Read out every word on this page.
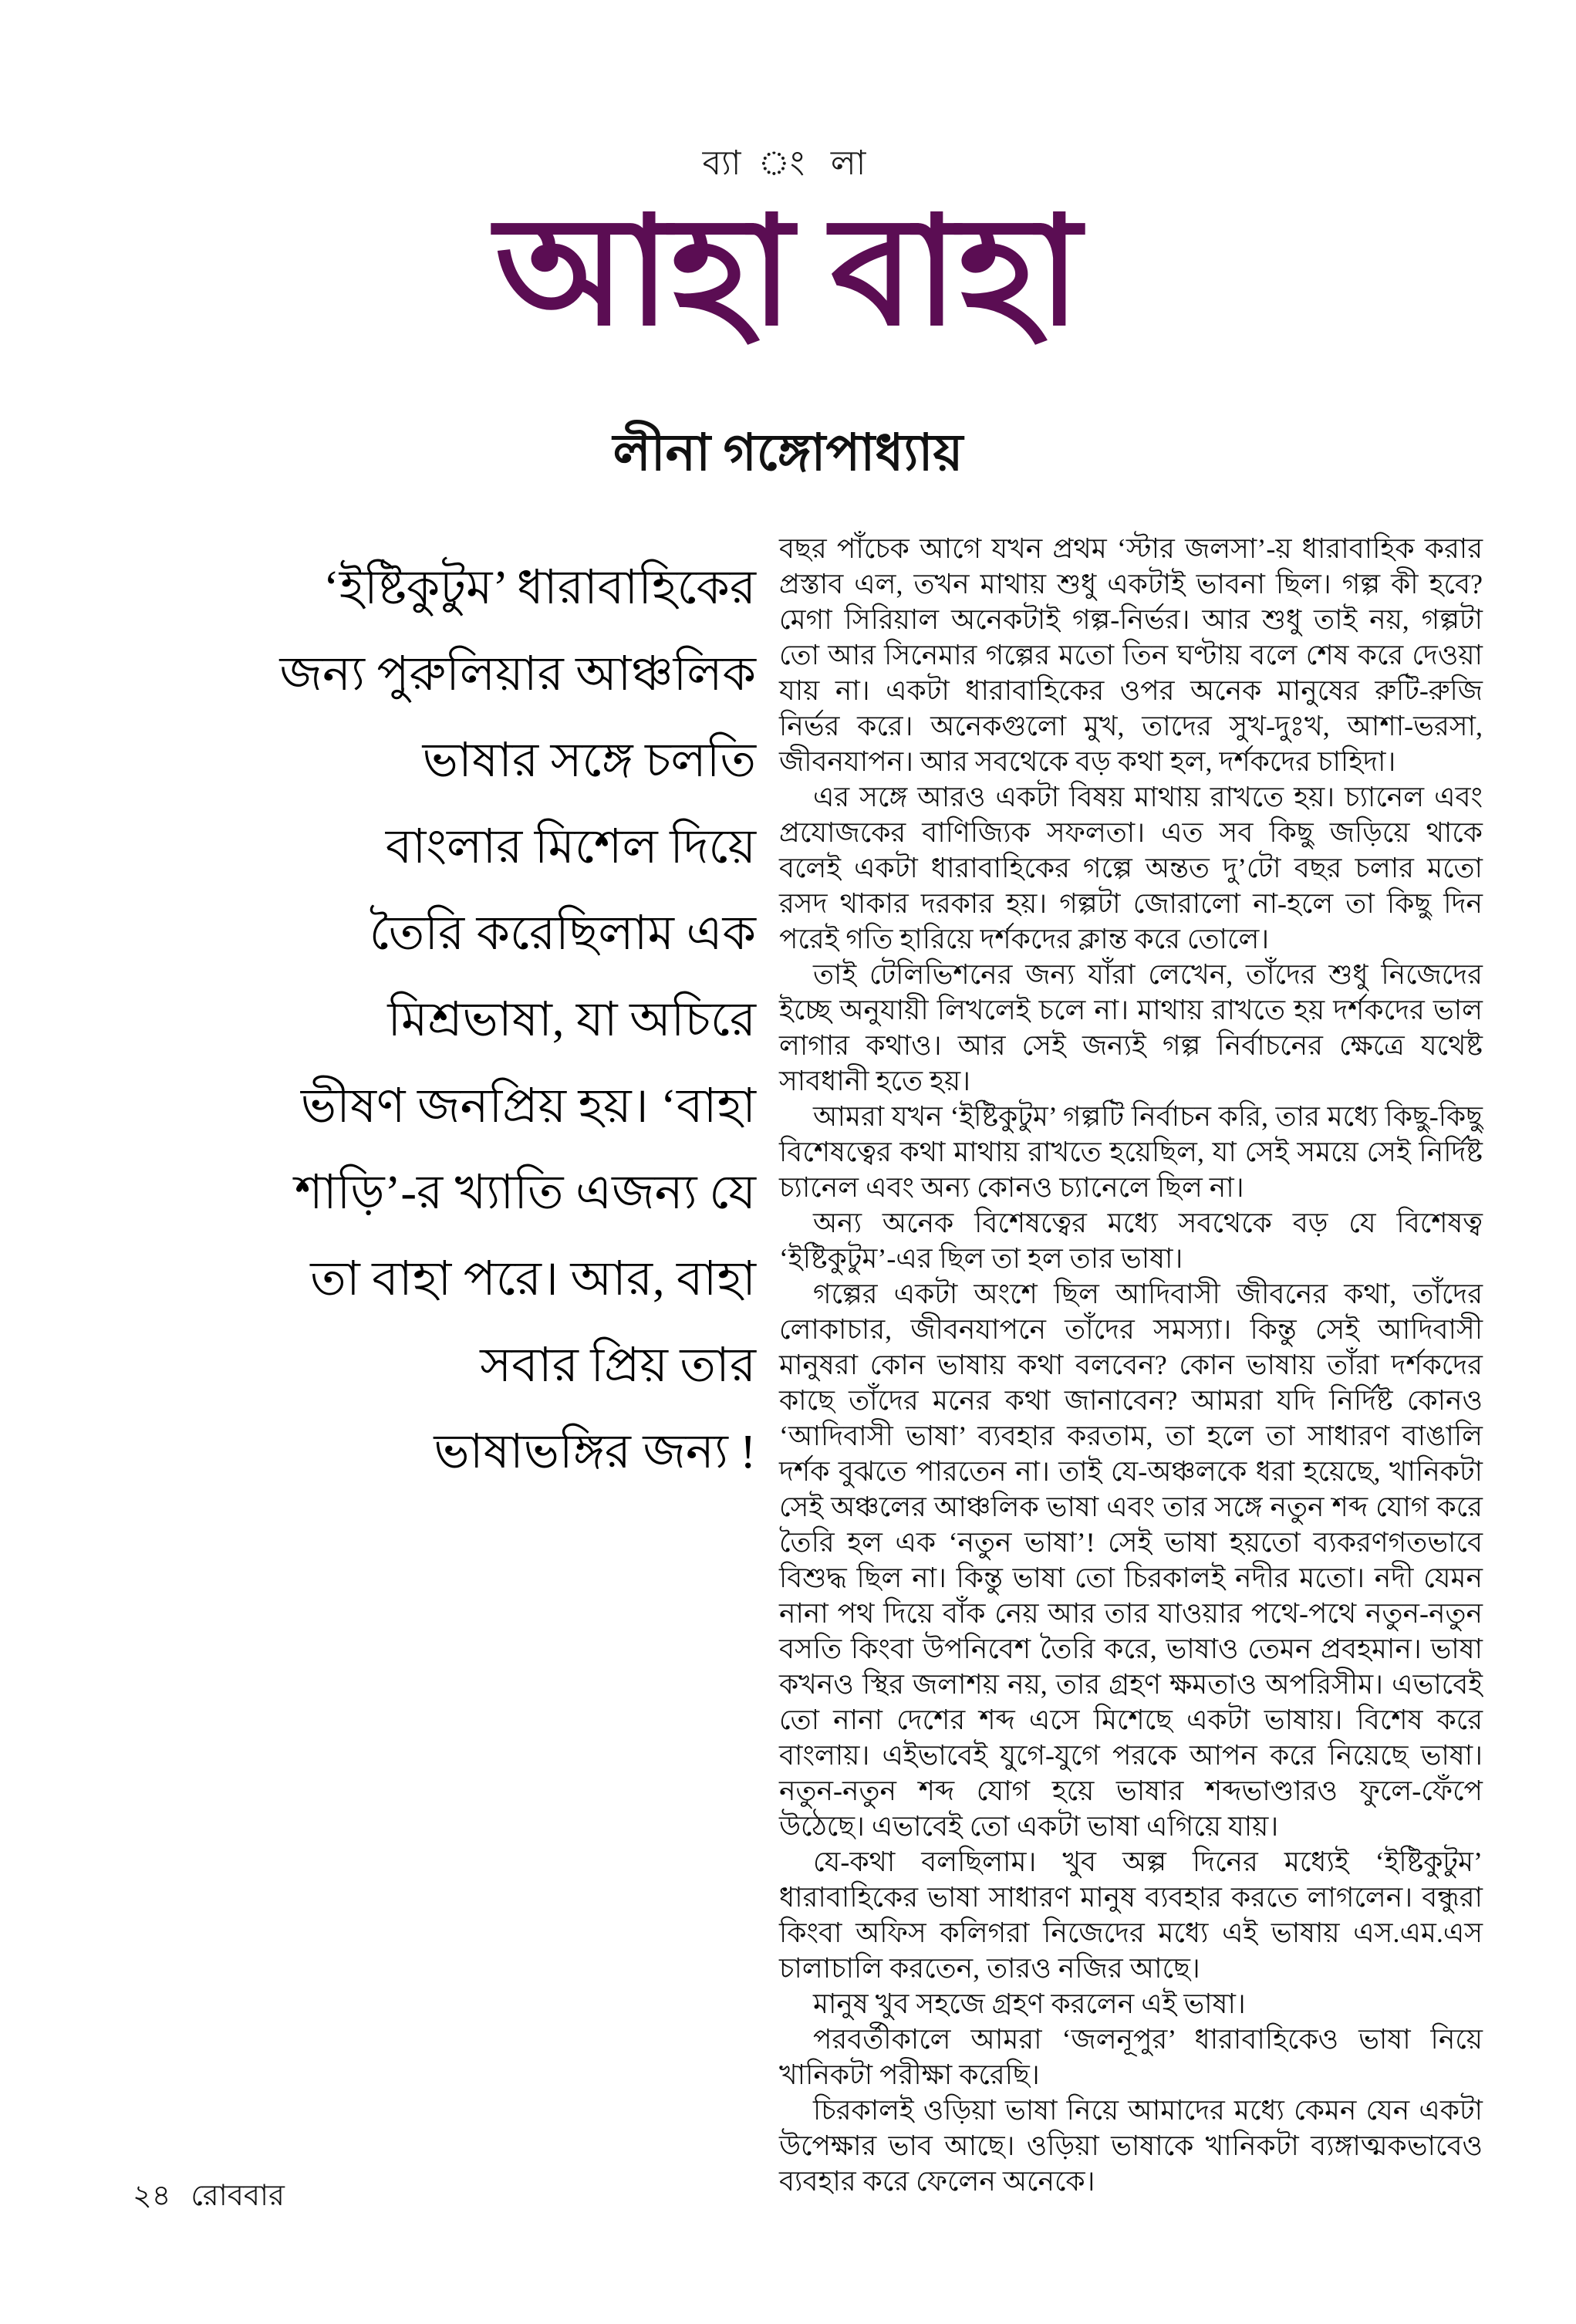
ব্যা ং লা
আহা বাহা
লীনা গঙ্গোপাধ্যায়
‘ইষ্টিকুটুম’ ধারাবাহিকের
জন্য পুরুলিয়ার আঞ্চলিক
ভাষার সঙ্গে চলতি
বাংলার মিশেল দিয়ে
তৈরি করেছিলাম এক
মিশ্রভাষা, যা অচিরে
ভীষণ জনপ্রিয় হয়। ‘বাহা
শাড়ি’-র খ্যাতি এজন্য যে
তা বাহা পরে। আর, বাহা
সবার প্রিয় তার
ভাষাভঙ্গির জন্য !

বছর পাঁচেক আগে যখন প্রথম ‘স্টার জলসা’-য় ধারাবাহিক করার প্রস্তাব এল, তখন মাথায় শুধু একটাই ভাবনা ছিল। গল্প কী হবে? মেগা সিরিয়াল অনেকটাই গল্প-নির্ভর। আর শুধু তাই নয়, গল্পটা তো আর সিনেমার গল্পের মতো তিন ঘণ্টায় বলে শেষ করে দেওয়া যায় না। একটা ধারাবাহিকের ওপর অনেক মানুষের রুটি-রুজি নির্ভর করে। অনেকগুলো মুখ, তাদের সুখ-দুঃখ, আশা-ভরসা, জীবনযাপন। আর সবথেকে বড় কথা হল, দর্শকদের চাহিদা।

এর সঙ্গে আরও একটা বিষয় মাথায় রাখতে হয়। চ্যানেল এবং প্রযোজকের বাণিজ্যিক সফলতা। এত সব কিছু জড়িয়ে থাকে বলেই একটা ধারাবাহিকের গল্পে অন্তত দু’টো বছর চলার মতো রসদ থাকার দরকার হয়। গল্পটা জোরালো না-হলে তা কিছু দিন পরেই গতি হারিয়ে দর্শকদের ক্লান্ত করে তোলে।

তাই টেলিভিশনের জন্য যাঁরা লেখেন, তাঁদের শুধু নিজেদের ইচ্ছে অনুযায়ী লিখলেই চলে না। মাথায় রাখতে হয় দর্শকদের ভাল লাগার কথাও। আর সেই জন্যই গল্প নির্বাচনের ক্ষেত্রে যথেষ্ট সাবধানী হতে হয়।

আমরা যখন ‘ইষ্টিকুটুম’ গল্পটি নির্বাচন করি, তার মধ্যে কিছু-কিছু বিশেষত্বের কথা মাথায় রাখতে হয়েছিল, যা সেই সময়ে সেই নির্দিষ্ট চ্যানেল এবং অন্য কোনও চ্যানেলে ছিল না।

অন্য অনেক বিশেষত্বের মধ্যে সবথেকে বড় যে বিশেষত্ব ‘ইষ্টিকুটুম’-এর ছিল তা হল তার ভাষা।

গল্পের একটা অংশে ছিল আদিবাসী জীবনের কথা, তাঁদের লোকাচার, জীবনযাপনে তাঁদের সমস্যা। কিন্তু সেই আদিবাসী মানুষরা কোন ভাষায় কথা বলবেন? কোন ভাষায় তাঁরা দর্শকদের কাছে তাঁদের মনের কথা জানাবেন? আমরা যদি নির্দিষ্ট কোনও ‘আদিবাসী ভাষা’ ব্যবহার করতাম, তা হলে তা সাধারণ বাঙালি দর্শক বুঝতে পারতেন না। তাই যে-অঞ্চলকে ধরা হয়েছে, খানিকটা সেই অঞ্চলের আঞ্চলিক ভাষা এবং তার সঙ্গে নতুন শব্দ যোগ করে তৈরি হল এক ‘নতুন ভাষা’! সেই ভাষা হয়তো ব্যকরণগতভাবে বিশুদ্ধ ছিল না। কিন্তু ভাষা তো চিরকালই নদীর মতো। নদী যেমন নানা পথ দিয়ে বাঁক নেয় আর তার যাওয়ার পথে-পথে নতুন-নতুন বসতি কিংবা উপনিবেশ তৈরি করে, ভাষাও তেমন প্রবহমান। ভাষা কখনও স্থির জলাশয় নয়, তার গ্রহণ ক্ষমতাও অপরিসীম। এভাবেই তো নানা দেশের শব্দ এসে মিশেছে একটা ভাষায়। বিশেষ করে বাংলায়। এইভাবেই যুগে-যুগে পরকে আপন করে নিয়েছে ভাষা। নতুন-নতুন শব্দ যোগ হয়ে ভাষার শব্দভাণ্ডারও ফুলে-ফেঁপে উঠেছে। এভাবেই তো একটা ভাষা এগিয়ে যায়।

যে-কথা বলছিলাম। খুব অল্প দিনের মধ্যেই ‘ইষ্টিকুটুম’ ধারাবাহিকের ভাষা সাধারণ মানুষ ব্যবহার করতে লাগলেন। বন্ধুরা কিংবা অফিস কলিগরা নিজেদের মধ্যে এই ভাষায় এস.এম.এস চালাচালি করতেন, তারও নজির আছে।

মানুষ খুব সহজে গ্রহণ করলেন এই ভাষা।

পরবর্তীকালে আমরা ‘জলনূপুর’ ধারাবাহিকেও ভাষা নিয়ে খানিকটা পরীক্ষা করেছি।

চিরকালই ওড়িয়া ভাষা নিয়ে আমাদের মধ্যে কেমন যেন একটা উপেক্ষার ভাব আছে। ওড়িয়া ভাষাকে খানিকটা ব্যঙ্গাত্মকভাবেও ব্যবহার করে ফেলেন অনেকে।

২৪ রোববার
